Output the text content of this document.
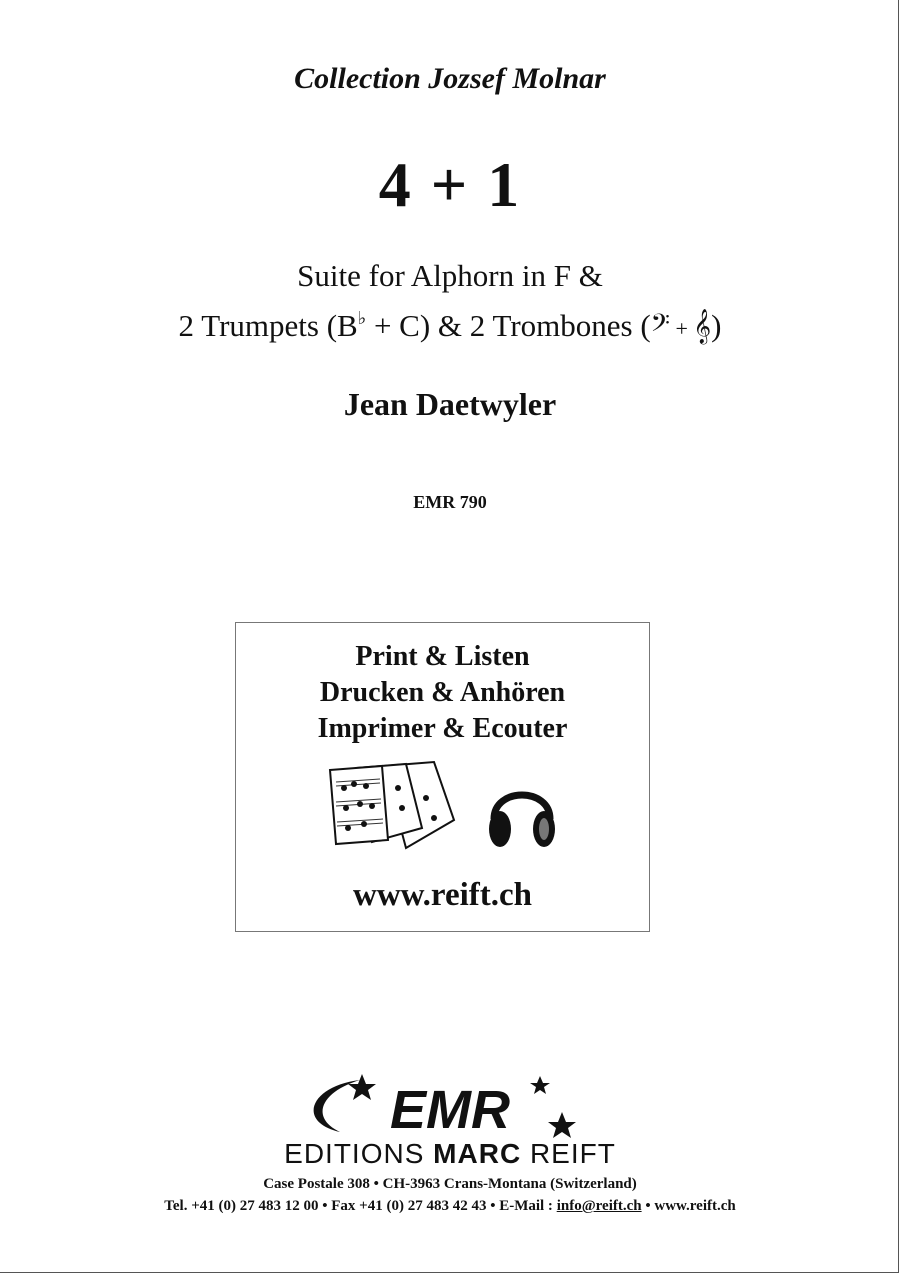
Collection Jozsef Molnar
4 + 1
Suite for Alphorn in F &
2 Trumpets (B♭ + C) & 2 Trombones (𝄢 + 𝄞)
Jean Daetwyler
EMR 790
Print & Listen
Drucken & Anhören
Imprimer & Ecouter
www.reift.ch
EMR
EDITIONS MARC REIFT
Case Postale 308 • CH-3963 Crans-Montana (Switzerland)
Tel. +41 (0) 27 483 12 00 • Fax +41 (0) 27 483 42 43 • E-Mail : info@reift.ch • www.reift.ch
